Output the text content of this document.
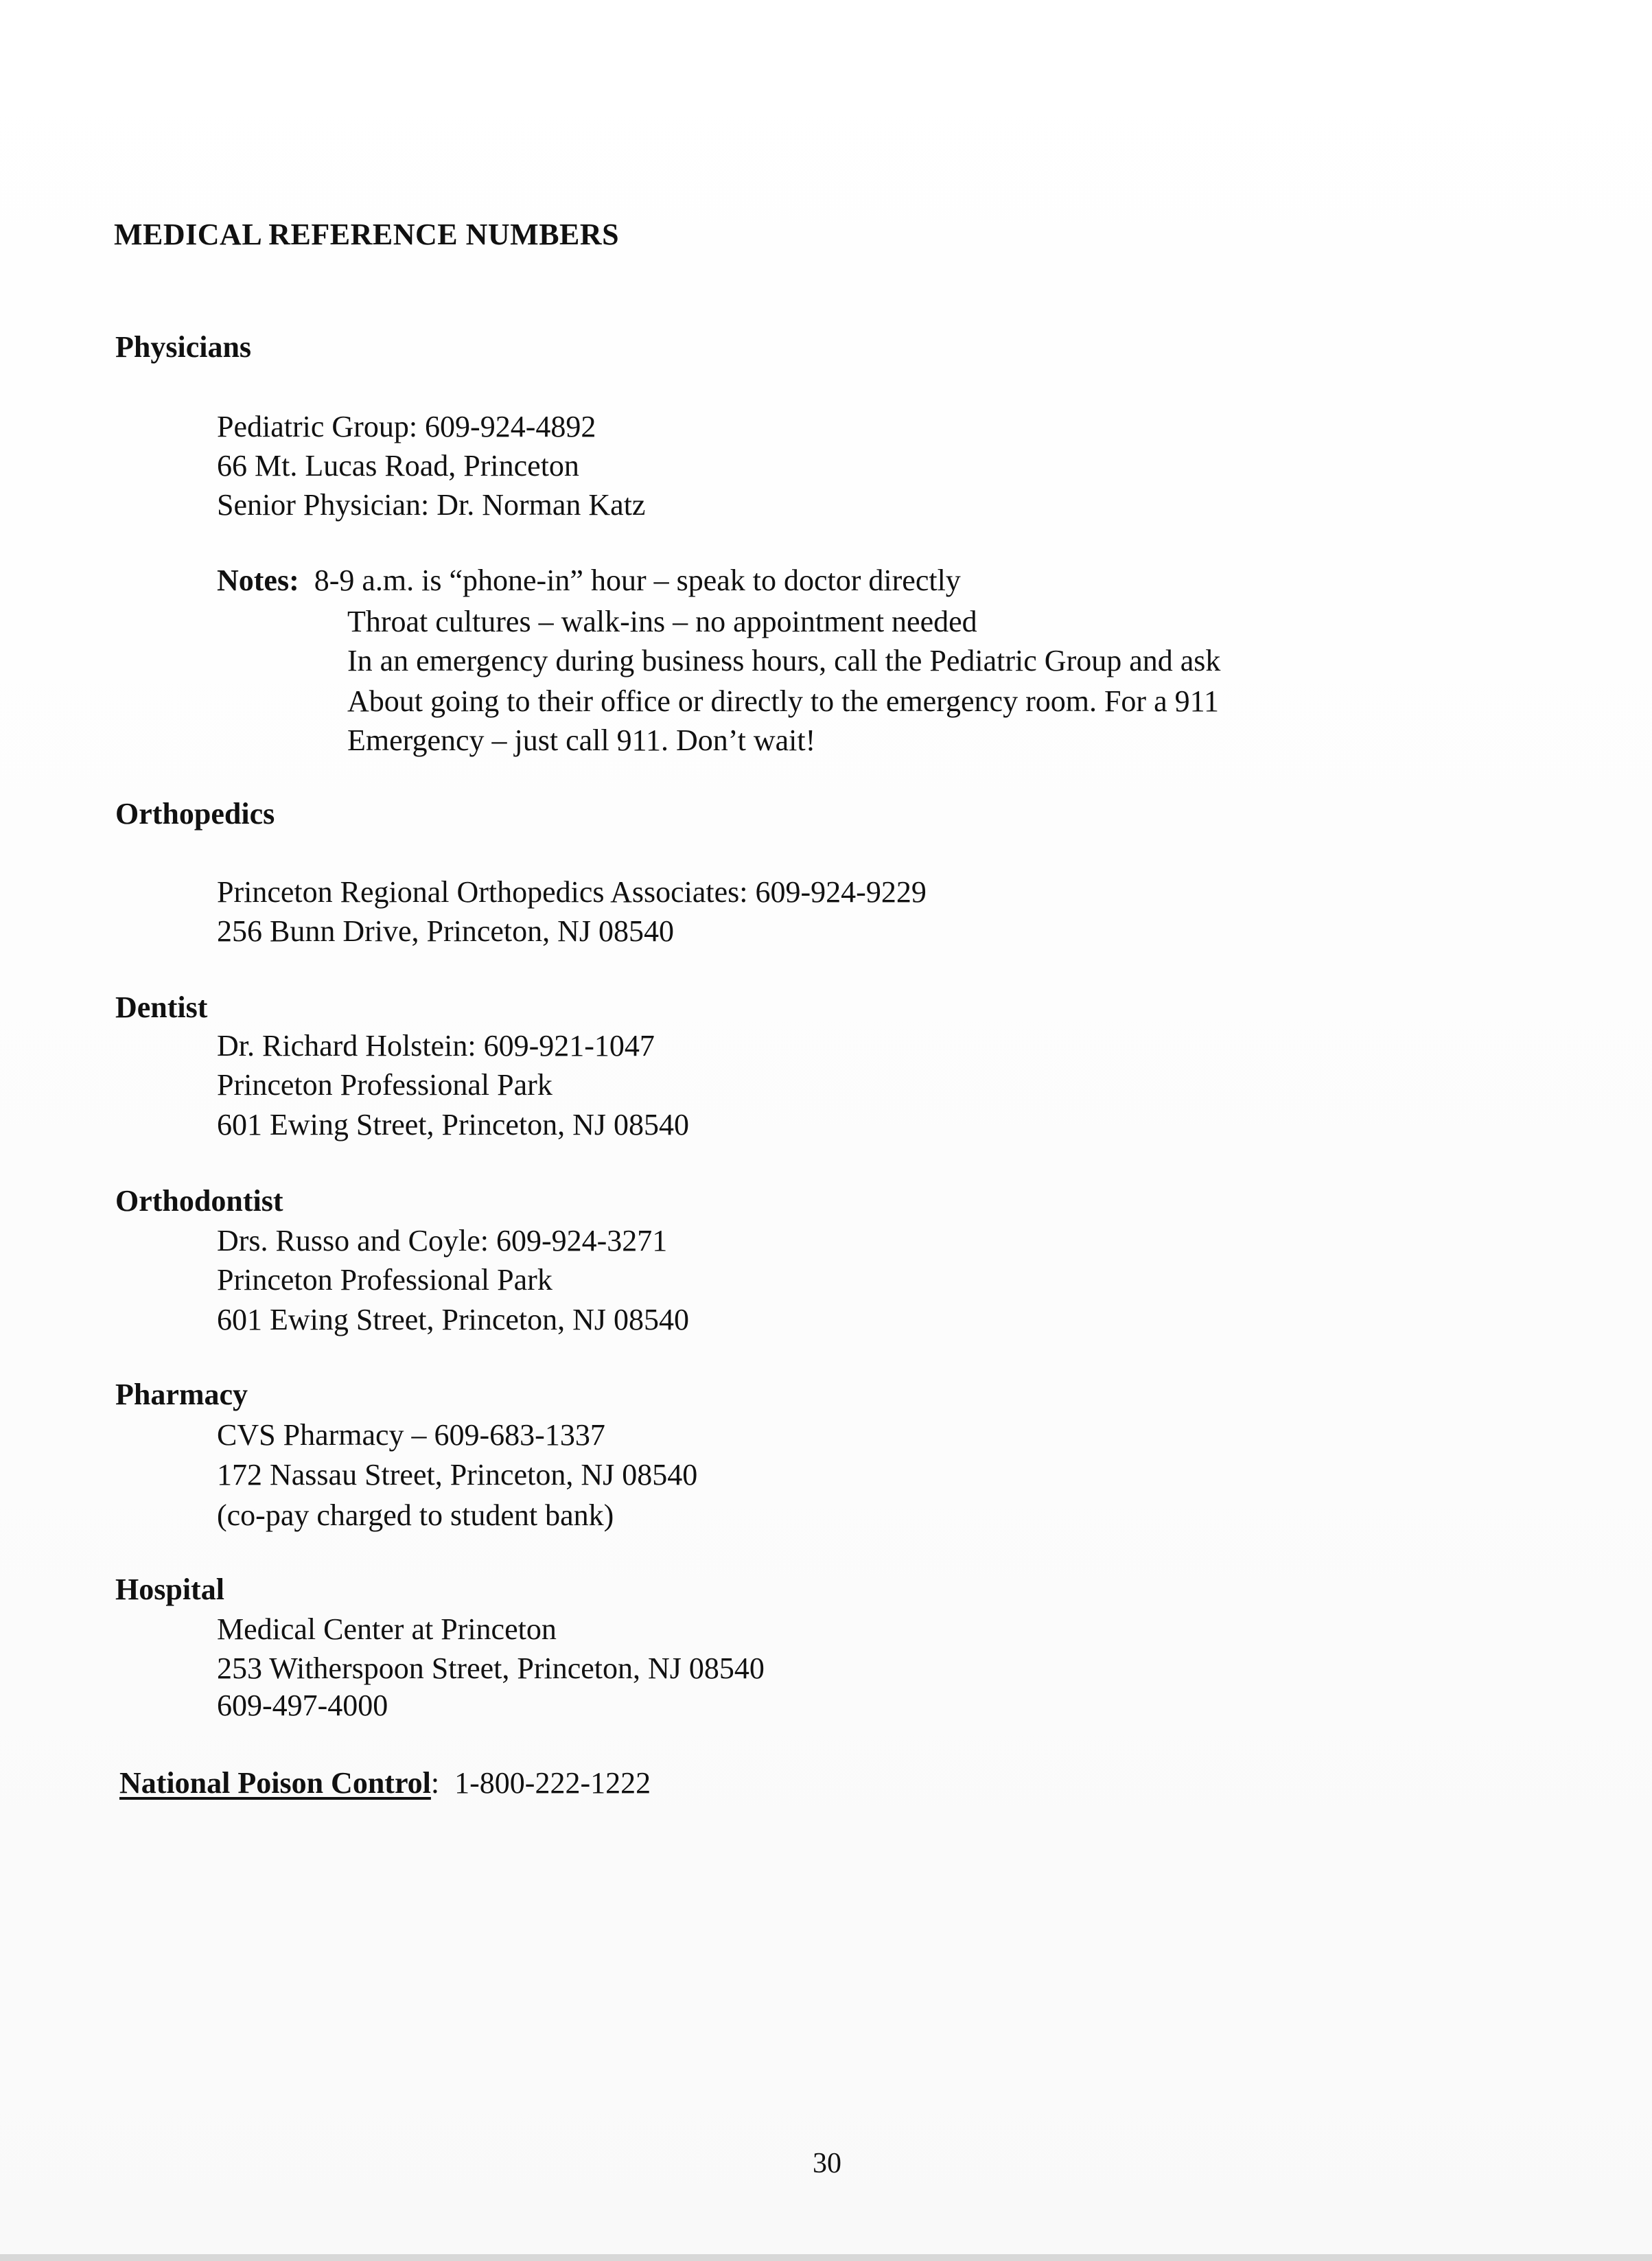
MEDICAL REFERENCE NUMBERS
Physicians
Pediatric Group: 609-924-4892
66 Mt. Lucas Road, Princeton
Senior Physician: Dr. Norman Katz
Notes: 8-9 a.m. is “phone-in” hour – speak to doctor directly
Throat cultures – walk-ins – no appointment needed
In an emergency during business hours, call the Pediatric Group and ask
About going to their office or directly to the emergency room. For a 911
Emergency – just call 911. Don’t wait!
Orthopedics
Princeton Regional Orthopedics Associates: 609-924-9229
256 Bunn Drive, Princeton, NJ 08540
Dentist
Dr. Richard Holstein: 609-921-1047
Princeton Professional Park
601 Ewing Street, Princeton, NJ 08540
Orthodontist
Drs. Russo and Coyle: 609-924-3271
Princeton Professional Park
601 Ewing Street, Princeton, NJ 08540
Pharmacy
CVS Pharmacy – 609-683-1337
172 Nassau Street, Princeton, NJ 08540
(co-pay charged to student bank)
Hospital
Medical Center at Princeton
253 Witherspoon Street, Princeton, NJ 08540
609-497-4000
National Poison Control: 1-800-222-1222
30
